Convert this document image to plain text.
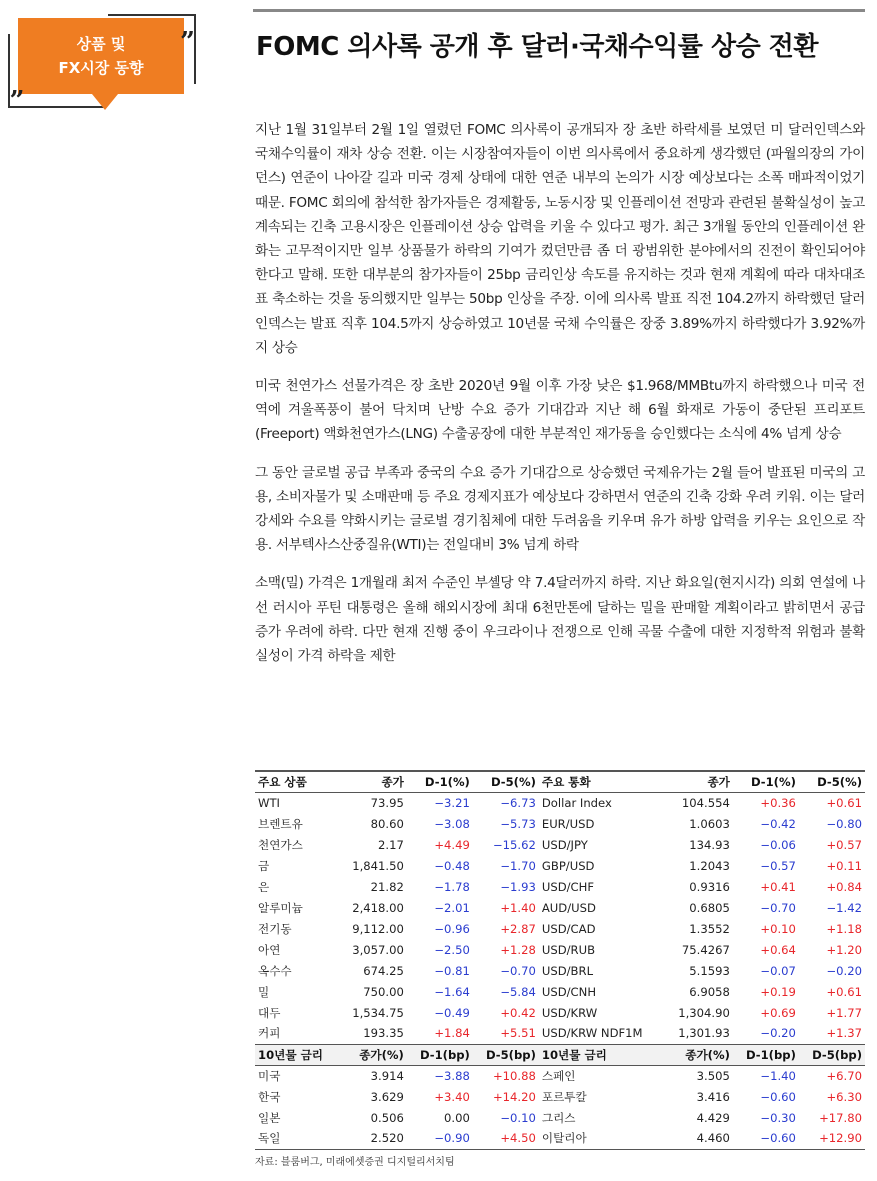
상품 및
FX시장 동향
„
” FOMC 의사록 공개 후 달러·국채수익률 상승 전환

지난 1월 31일부터 2월 1일 열렸던 FOMC 의사록이 공개되자 장 초반 하락세를 보였던 미 달러인덱스와 국채수익률이 재차 상승 전환. 이는 시장참여자들이 이번 의사록에서 중요하게 생각했던 (파월의장의 가이던스) 연준이 나아갈 길과 미국 경제 상태에 대한 연준 내부의 논의가 시장 예상보다는 소폭 매파적이었기 때문. FOMC 회의에 참석한 참가자들은 경제활동, 노동시장 및 인플레이션 전망과 관련된 불확실성이 높고 계속되는 긴축 고용시장은 인플레이션 상승 압력을 키울 수 있다고 평가. 최근 3개월 동안의 인플레이션 완화는 고무적이지만 일부 상품물가 하락의 기여가 컸던만큼 좀 더 광범위한 분야에서의 진전이 확인되어야 한다고 말해. 또한 대부분의 참가자들이 25bp 금리인상 속도를 유지하는 것과 현재 계획에 따라 대차대조표 축소하는 것을 동의했지만 일부는 50bp 인상을 주장. 이에 의사록 발표 직전 104.2까지 하락했던 달러인덱스는 발표 직후 104.5까지 상승하였고 10년물 국채 수익률은 장중 3.89%까지 하락했다가 3.92%까지 상승

미국 천연가스 선물가격은 장 초반 2020년 9월 이후 가장 낮은 $1.968/MMBtu까지 하락했으나 미국 전역에 겨울폭풍이 불어 닥치며 난방 수요 증가 기대감과 지난 해 6월 화재로 가동이 중단된 프리포트(Freeport) 액화천연가스(LNG) 수출공장에 대한 부분적인 재가동을 승인했다는 소식에 4% 넘게 상승

그 동안 글로벌 공급 부족과 중국의 수요 증가 기대감으로 상승했던 국제유가는 2월 들어 발표된 미국의 고용, 소비자물가 및 소매판매 등 주요 경제지표가 예상보다 강하면서 연준의 긴축 강화 우려 키워. 이는 달러강세와 수요를 약화시키는 글로벌 경기침체에 대한 두려움을 키우며 유가 하방 압력을 키우는 요인으로 작용. 서부텍사스산중질유(WTI)는 전일대비 3% 넘게 하락

소맥(밀) 가격은 1개월래 최저 수준인 부셸당 약 7.4달러까지 하락. 지난 화요일(현지시각) 의회 연설에 나선 러시아 푸틴 대통령은 올해 해외시장에 최대 6천만톤에 달하는 밀을 판매할 계획이라고 밝히면서 공급증가 우려에 하락. 다만 현재 진행 중이 우크라이나 전쟁으로 인해 곡물 수출에 대한 지정학적 위험과 불확실성이 가격 하락을 제한

주요 상품	종가	D-1(%)	D-5(%)	주요 통화	종가	D-1(%)	D-5(%)
WTI	73.95	−3.21	−6.73	Dollar Index	104.554	+0.36	+0.61
브렌트유	80.60	−3.08	−5.73	EUR/USD	1.0603	−0.42	−0.80
천연가스	2.17	+4.49	−15.62	USD/JPY	134.93	−0.06	+0.57
금	1,841.50	−0.48	−1.70	GBP/USD	1.2043	−0.57	+0.11
은	21.82	−1.78	−1.93	USD/CHF	0.9316	+0.41	+0.84
알루미늄	2,418.00	−2.01	+1.40	AUD/USD	0.6805	−0.70	−1.42
전기동	9,112.00	−0.96	+2.87	USD/CAD	1.3552	+0.10	+1.18
아연	3,057.00	−2.50	+1.28	USD/RUB	75.4267	+0.64	+1.20
옥수수	674.25	−0.81	−0.70	USD/BRL	5.1593	−0.07	−0.20
밀	750.00	−1.64	−5.84	USD/CNH	6.9058	+0.19	+0.61
대두	1,534.75	−0.49	+0.42	USD/KRW	1,304.90	+0.69	+1.77
커피	193.35	+1.84	+5.51	USD/KRW NDF1M	1,301.93	−0.20	+1.37
10년물 금리	종가(%)	D-1(bp)	D-5(bp)	10년물 금리	종가(%)	D-1(bp)	D-5(bp)
미국	3.914	−3.88	+10.88	스페인	3.505	−1.40	+6.70
한국	3.629	+3.40	+14.20	포르투칼	3.416	−0.60	+6.30
일본	0.506	0.00	−0.10	그리스	4.429	−0.30	+17.80
독일	2.520	−0.90	+4.50	이탈리아	4.460	−0.60	+12.90
자료: 블룸버그, 미래에셋증권 디지털리서치팀
